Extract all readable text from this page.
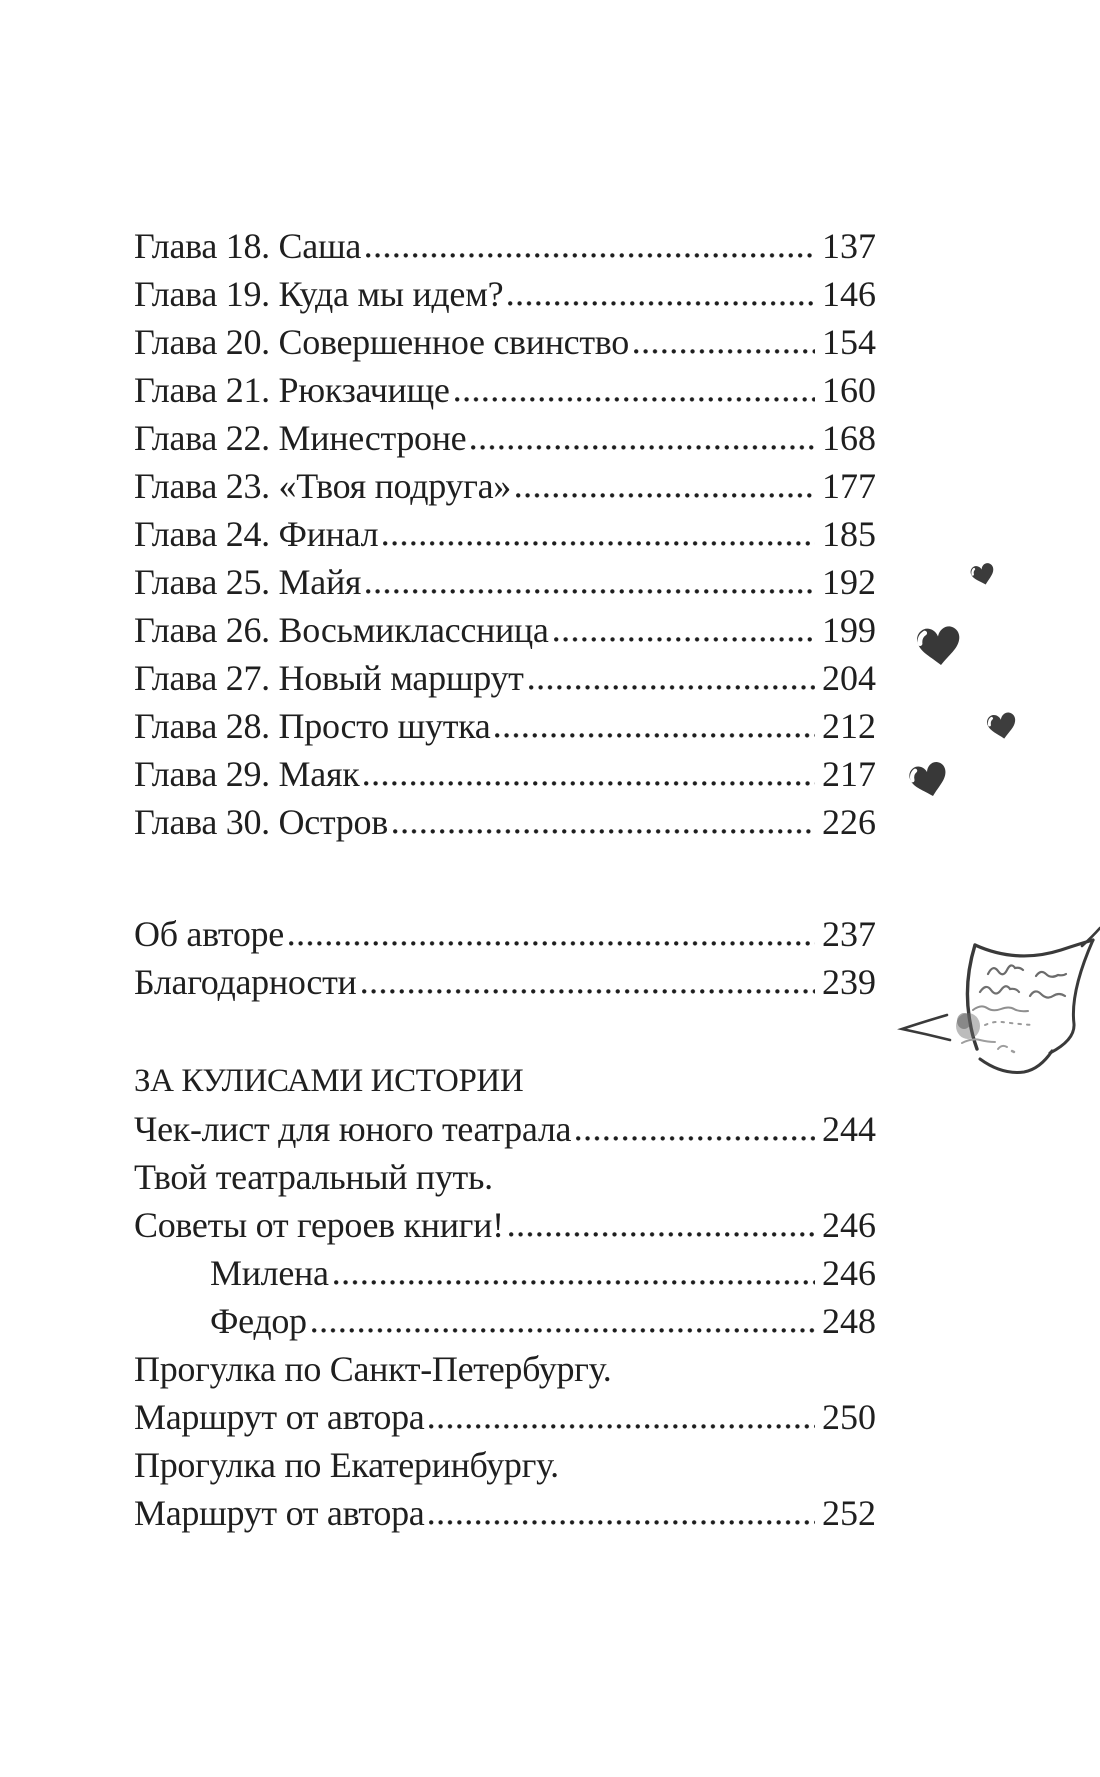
Глава 18. Саша	137
Глава 19. Куда мы идем?	146
Глава 20. Совершенное свинство	154
Глава 21. Рюкзачище	160
Глава 22. Минестроне	168
Глава 23. «Твоя подруга»	177
Глава 24. Финал	185
Глава 25. Майя	192
Глава 26. Восьмиклассница	199
Глава 27. Новый маршрут	204
Глава 28. Просто шутка	212
Глава 29. Маяк	217
Глава 30. Остров	226
Об авторе	237
Благодарности	239
ЗА КУЛИСАМИ ИСТОРИИ
Чек-лист для юного театрала	244
Твой театральный путь.
Советы от героев книги!	246
Милена	246
Федор	248
Прогулка по Санкт-Петербургу.
Маршрут от автора	250
Прогулка по Екатеринбургу.
Маршрут от автора	252
